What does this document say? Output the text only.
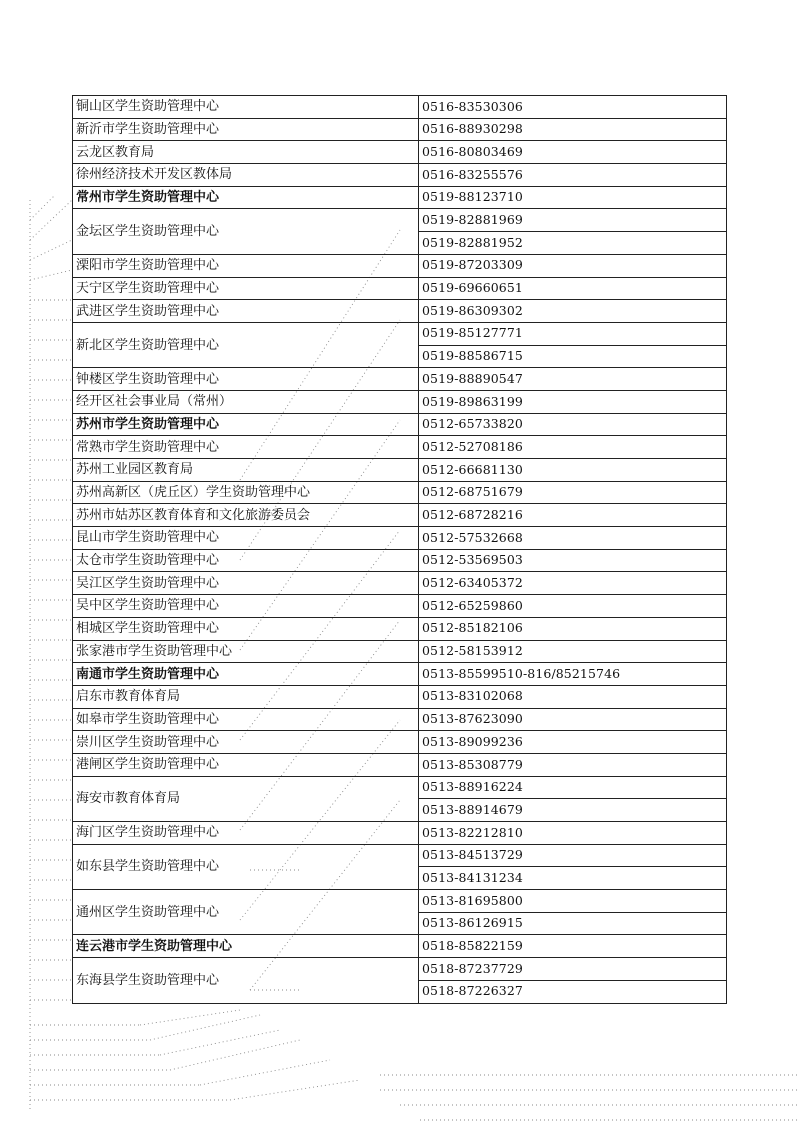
铜山区学生资助管理中心	0516-83530306
新沂市学生资助管理中心	0516-88930298
云龙区教育局	0516-80803469
徐州经济技术开发区教体局	0516-83255576
常州市学生资助管理中心	0519-88123710
金坛区学生资助管理中心	0519-82881969
	0519-82881952
溧阳市学生资助管理中心	0519-87203309
天宁区学生资助管理中心	0519-69660651
武进区学生资助管理中心	0519-86309302
新北区学生资助管理中心	0519-85127771
	0519-88586715
钟楼区学生资助管理中心	0519-88890547
经开区社会事业局（常州）	0519-89863199
苏州市学生资助管理中心	0512-65733820
常熟市学生资助管理中心	0512-52708186
苏州工业园区教育局	0512-66681130
苏州高新区（虎丘区）学生资助管理中心	0512-68751679
苏州市姑苏区教育体育和文化旅游委员会	0512-68728216
昆山市学生资助管理中心	0512-57532668
太仓市学生资助管理中心	0512-53569503
吴江区学生资助管理中心	0512-63405372
吴中区学生资助管理中心	0512-65259860
相城区学生资助管理中心	0512-85182106
张家港市学生资助管理中心	0512-58153912
南通市学生资助管理中心	0513-85599510-816/85215746
启东市教育体育局	0513-83102068
如皋市学生资助管理中心	0513-87623090
崇川区学生资助管理中心	0513-89099236
港闸区学生资助管理中心	0513-85308779
海安市教育体育局	0513-88916224
	0513-88914679
海门区学生资助管理中心	0513-82212810
如东县学生资助管理中心	0513-84513729
	0513-84131234
通州区学生资助管理中心	0513-81695800
	0513-86126915
连云港市学生资助管理中心	0518-85822159
东海县学生资助管理中心	0518-87237729
	0518-87226327
